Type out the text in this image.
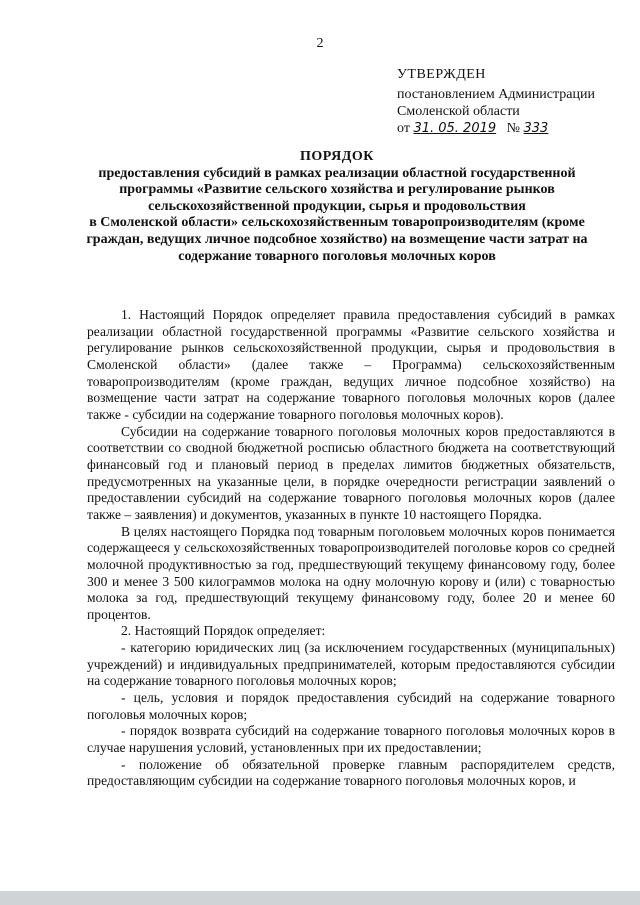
2
УТВЕРЖДЕН
постановлением Администрации
Смоленской области
от 31. 05. 2019 № 333
ПОРЯДОК
предоставления субсидий в рамках реализации областной государственной
программы «Развитие сельского хозяйства и регулирование рынков
сельскохозяйственной продукции, сырья и продовольствия
в Смоленской области» сельскохозяйственным товаропроизводителям (кроме
граждан, ведущих личное подсобное хозяйство) на возмещение части затрат на
содержание товарного поголовья молочных коров

1. Настоящий Порядок определяет правила предоставления субсидий в рамках реализации областной государственной программы «Развитие сельского хозяйства и регулирование рынков сельскохозяйственной продукции, сырья и продовольствия в Смоленской области» (далее также – Программа) сельскохозяйственным товаропроизводителям (кроме граждан, ведущих личное подсобное хозяйство) на возмещение части затрат на содержание товарного поголовья молочных коров (далее также - субсидии на содержание товарного поголовья молочных коров).

Субсидии на содержание товарного поголовья молочных коров предоставляются в соответствии со сводной бюджетной росписью областного бюджета на соответствующий финансовый год и плановый период в пределах лимитов бюджетных обязательств, предусмотренных на указанные цели, в порядке очередности регистрации заявлений о предоставлении субсидий на содержание товарного поголовья молочных коров (далее также – заявления) и документов, указанных в пункте 10 настоящего Порядка.

В целях настоящего Порядка под товарным поголовьем молочных коров понимается содержащееся у сельскохозяйственных товаропроизводителей поголовье коров со средней молочной продуктивностью за год, предшествующий текущему финансовому году, более 300 и менее 3 500 килограммов молока на одну молочную корову и (или) с товарностью молока за год, предшествующий текущему финансовому году, более 20 и менее 60 процентов.

2. Настоящий Порядок определяет:

- категорию юридических лиц (за исключением государственных (муниципальных) учреждений) и индивидуальных предпринимателей, которым предоставляются субсидии на содержание товарного поголовья молочных коров;

- цель, условия и порядок предоставления субсидий на содержание товарного поголовья молочных коров;

- порядок возврата субсидий на содержание товарного поголовья молочных коров в случае нарушения условий, установленных при их предоставлении;

- положение об обязательной проверке главным распорядителем средств, предоставляющим субсидии на содержание товарного поголовья молочных коров, и
